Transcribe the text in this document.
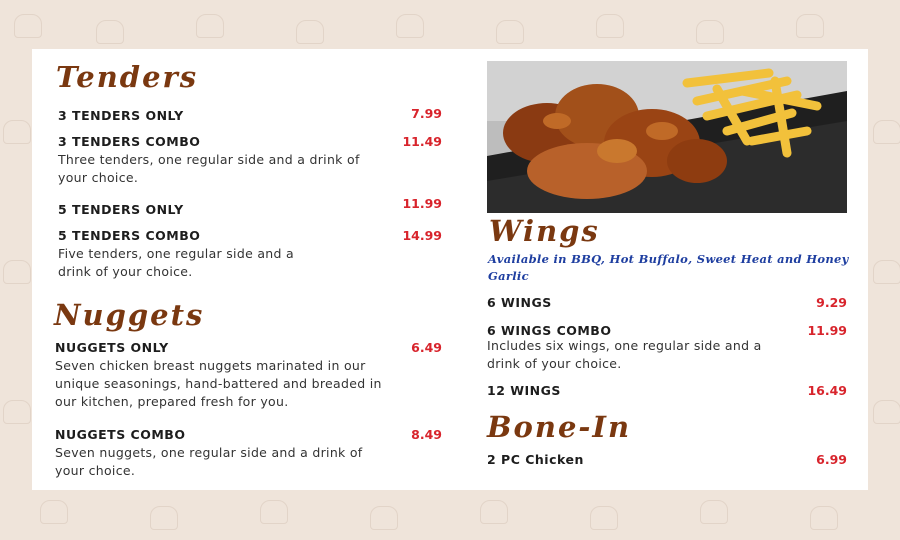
Tenders
3 TENDERS ONLY	7.99
3 TENDERS COMBO	11.49

Three tenders, one regular side and a drink of your choice.

5 TENDERS ONLY	11.99
5 TENDERS COMBO	14.99

Five tenders, one regular side and a drink of your choice.

Nuggets
NUGGETS ONLY	6.49

Seven chicken breast nuggets marinated in our unique seasonings, hand-battered and breaded in our kitchen, prepared fresh for you.

NUGGETS COMBO	8.49

Seven nuggets, one regular side and a drink of your choice.

Wings

Available in BBQ, Hot Buffalo, Sweet Heat and Honey Garlic

6 WINGS	9.29
6 WINGS COMBO	11.99

Includes six wings, one regular side and a drink of your choice.

12 WINGS	16.49
Bone-In
2 PC Chicken	6.99
